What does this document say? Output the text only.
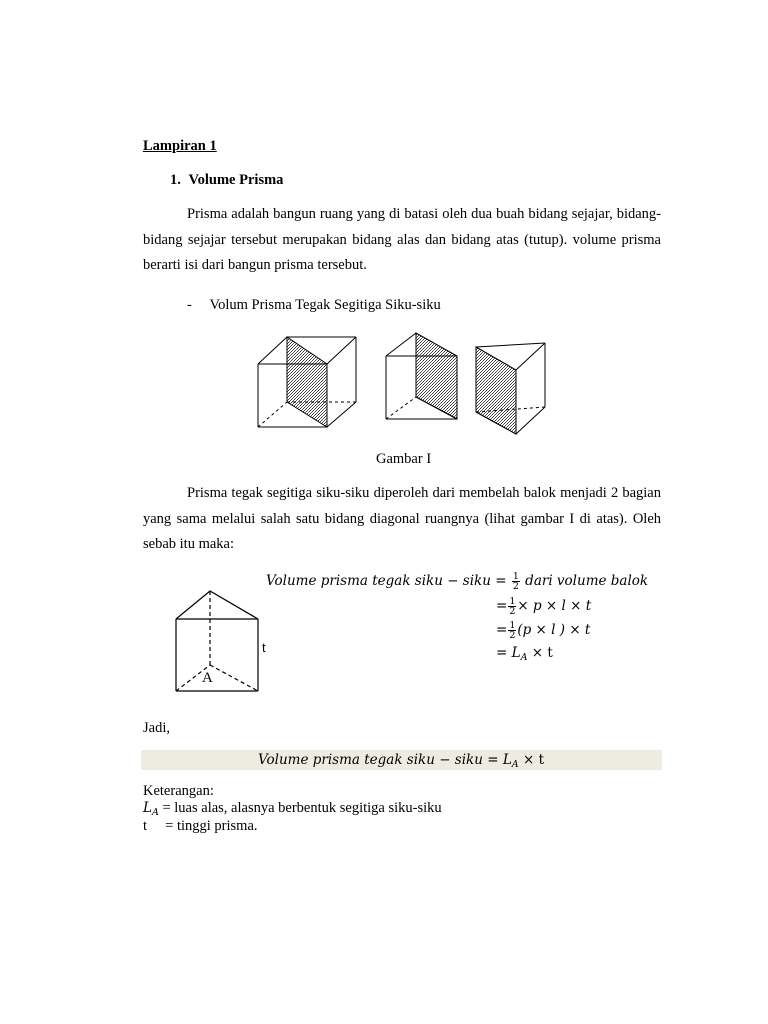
Lampiran 1
1. Volume Prisma
Prisma adalah bangun ruang yang di batasi oleh dua buah bidang sejajar, bidang-bidang sejajar tersebut merupakan bidang alas dan bidang atas (tutup). volume prisma berarti isi dari bangun prisma tersebut.
- Volum Prisma Tegak Segitiga Siku-siku
Gambar I
Prisma tegak segitiga siku-siku diperoleh dari membelah balok menjadi 2 bagian yang sama melalui salah satu bidang diagonal ruangnya (lihat gambar I di atas). Oleh sebab itu maka:
A
t
Volume prisma tegak siku − siku = $\frac{1}{2}$ dari volume balok
= $\frac{1}{2} \times p \times l \times t$
= $\frac{1}{2} (p \times l$ ) × t
= $L_A \times t$
Jadi,
Volume prisma tegak siku − siku = $L_A \times t$
Keterangan:
$L_A$ = luas alas, alasnya berbentuk segitiga siku-siku
t     = tinggi prisma.
